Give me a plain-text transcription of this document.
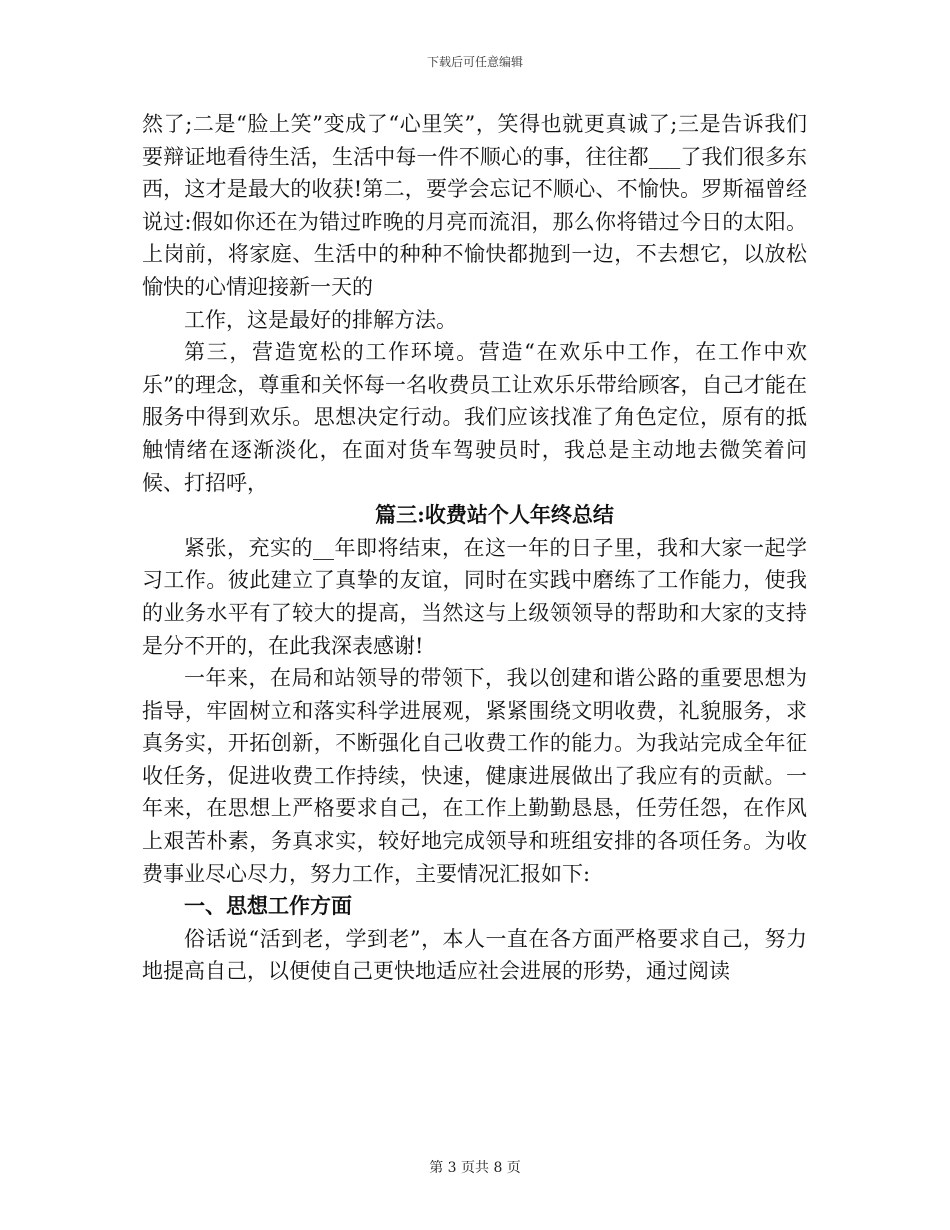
下载后可任意编辑

然了;二是“脸上笑”变成了“心里笑”，笑得也就更真诚了;三是告诉我们要辩证地看待生活，生活中每一件不顺心的事，往往都___了我们很多东西，这才是最大的收获!第二，要学会忘记不顺心、不愉快。罗斯福曾经说过:假如你还在为错过昨晚的月亮而流泪，那么你将错过今日的太阳。上岗前，将家庭、生活中的种种不愉快都抛到一边，不去想它，以放松愉快的心情迎接新一天的

工作，这是最好的排解方法。

第三，营造宽松的工作环境。营造“在欢乐中工作，在工作中欢乐”的理念，尊重和关怀每一名收费员工让欢乐乐带给顾客，自己才能在服务中得到欢乐。思想决定行动。我们应该找准了角色定位，原有的抵触情绪在逐渐淡化，在面对货车驾驶员时，我总是主动地去微笑着问候、打招呼，

篇三:收费站个人年终总结

紧张，充实的__年即将结束，在这一年的日子里，我和大家一起学习工作。彼此建立了真挚的友谊，同时在实践中磨练了工作能力，使我的业务水平有了较大的提高，当然这与上级领领导的帮助和大家的支持是分不开的，在此我深表感谢!

一年来，在局和站领导的带领下，我以创建和谐公路的重要思想为指导，牢固树立和落实科学进展观，紧紧围绕文明收费，礼貌服务，求真务实，开拓创新，不断强化自己收费工作的能力。为我站完成全年征收任务，促进收费工作持续，快速，健康进展做出了我应有的贡献。一年来，在思想上严格要求自己，在工作上勤勤恳恳，任劳任怨，在作风上艰苦朴素，务真求实，较好地完成领导和班组安排的各项任务。为收费事业尽心尽力，努力工作，主要情况汇报如下:

一、思想工作方面

俗话说“活到老，学到老”，本人一直在各方面严格要求自己，努力地提高自己，以便使自己更快地适应社会进展的形势，通过阅读

第 3 页共 8 页
